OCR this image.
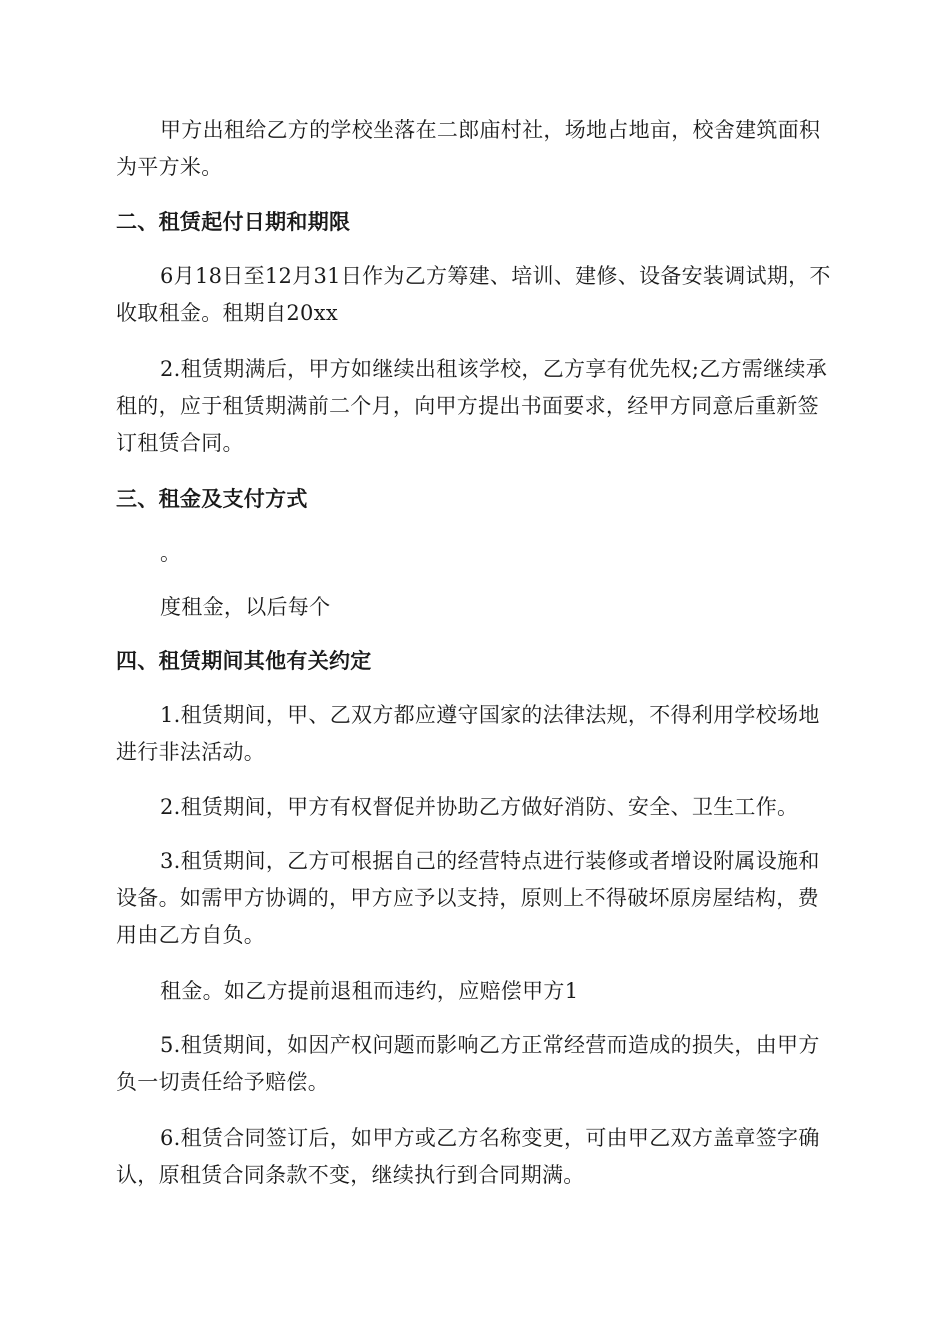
甲方出租给乙方的学校坐落在二郎庙村社，场地占地亩，校舍建筑面积为平方米。

二、租赁起付日期和期限

6月18日至12月31日作为乙方筹建、培训、建修、设备安装调试期，不收取租金。租期自20xx

2.租赁期满后，甲方如继续出租该学校，乙方享有优先权;乙方需继续承租的，应于租赁期满前二个月，向甲方提出书面要求，经甲方同意后重新签订租赁合同。

三、租金及支付方式

。

度租金，以后每个

四、租赁期间其他有关约定

1.租赁期间，甲、乙双方都应遵守国家的法律法规，不得利用学校场地进行非法活动。

2.租赁期间，甲方有权督促并协助乙方做好消防、安全、卫生工作。

3.租赁期间，乙方可根据自己的经营特点进行装修或者增设附属设施和设备。如需甲方协调的，甲方应予以支持，原则上不得破坏原房屋结构，费用由乙方自负。

租金。如乙方提前退租而违约，应赔偿甲方1

5.租赁期间，如因产权问题而影响乙方正常经营而造成的损失，由甲方负一切责任给予赔偿。

6.租赁合同签订后，如甲方或乙方名称变更，可由甲乙双方盖章签字确认，原租赁合同条款不变，继续执行到合同期满。
